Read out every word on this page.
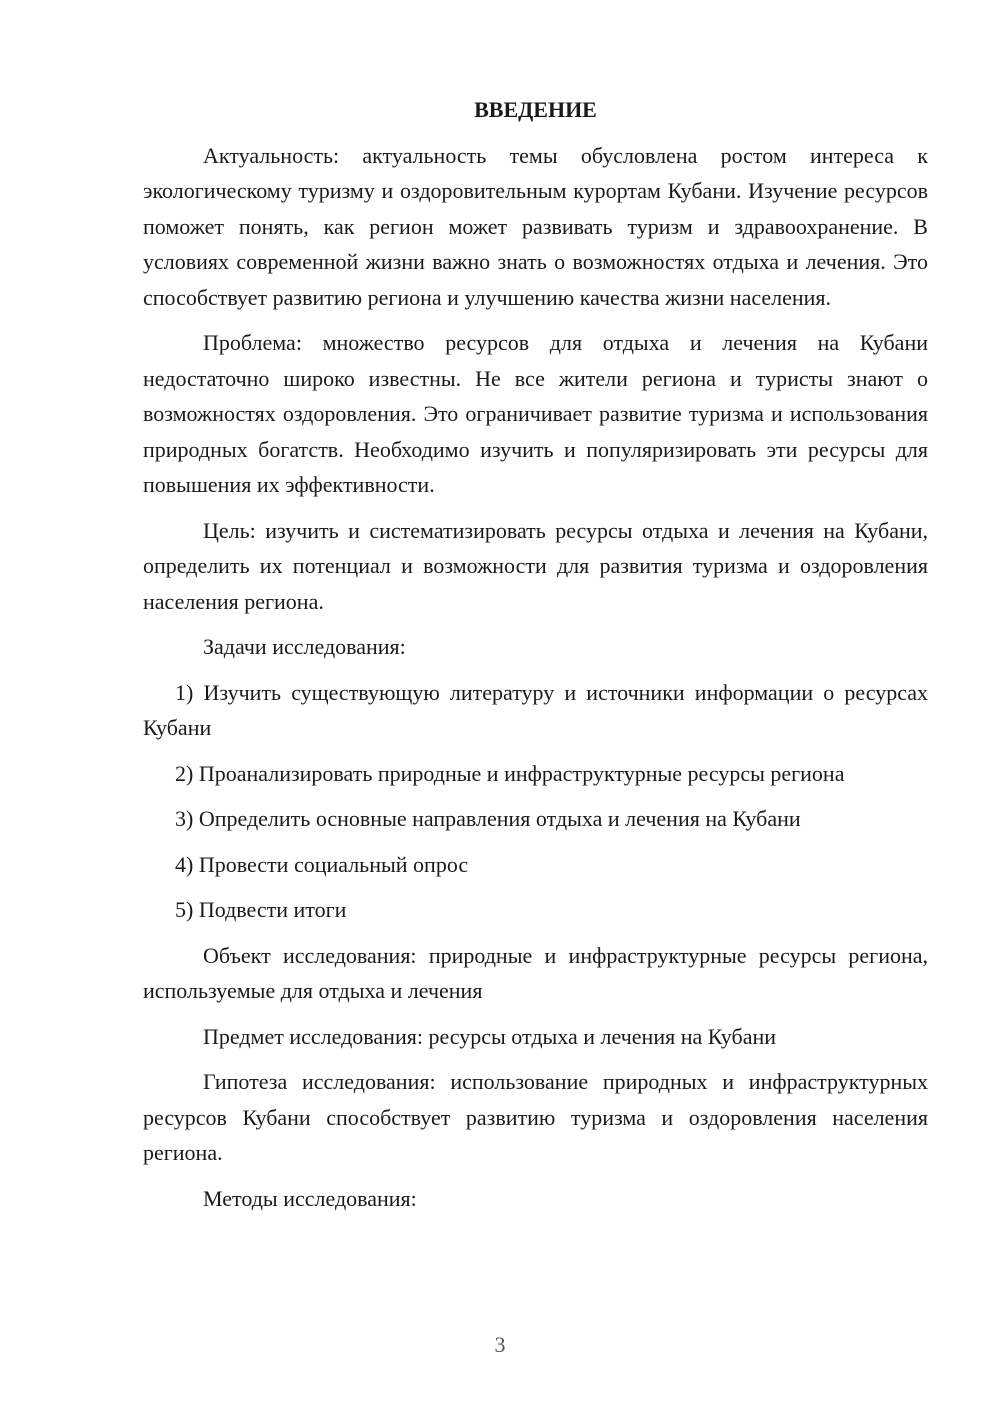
ВВЕДЕНИЕ

Актуальность: актуальность темы обусловлена ростом интереса к экологическому туризму и оздоровительным курортам Кубани. Изучение ресурсов поможет понять, как регион может развивать туризм и здравоохранение. В условиях современной жизни важно знать о возможностях отдыха и лечения. Это способствует развитию региона и улучшению качества жизни населения.

Проблема: множество ресурсов для отдыха и лечения на Кубани недостаточно широко известны. Не все жители региона и туристы знают о возможностях оздоровления. Это ограничивает развитие туризма и использования природных богатств. Необходимо изучить и популяризировать эти ресурсы для повышения их эффективности.

Цель: изучить и систематизировать ресурсы отдыха и лечения на Кубани, определить их потенциал и возможности для развития туризма и оздоровления населения региона.

Задачи исследования:

1) Изучить существующую литературу и источники информации о ресурсах Кубани

2) Проанализировать природные и инфраструктурные ресурсы региона

3) Определить основные направления отдыха и лечения на Кубани

4) Провести социальный опрос

5) Подвести итоги

Объект исследования: природные и инфраструктурные ресурсы региона, используемые для отдыха и лечения

Предмет исследования: ресурсы отдыха и лечения на Кубани

Гипотеза исследования: использование природных и инфраструктурных ресурсов Кубани способствует развитию туризма и оздоровления населения региона.

Методы исследования:

3
